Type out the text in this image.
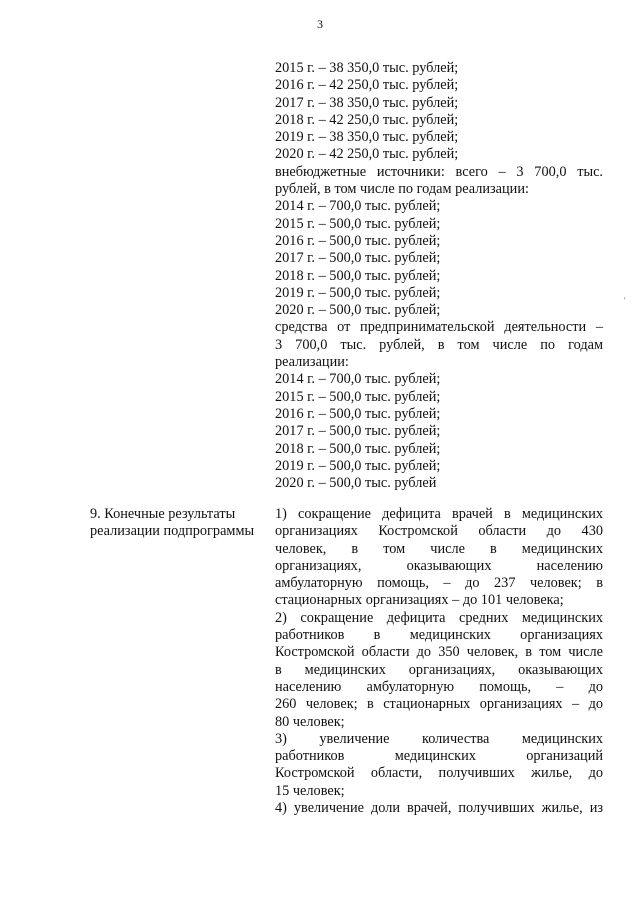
3
2015 г. – 38 350,0 тыс. рублей;
2016 г. – 42 250,0 тыс. рублей;
2017 г. – 38 350,0 тыс. рублей;
2018 г. – 42 250,0 тыс. рублей;
2019 г. – 38 350,0 тыс. рублей;
2020 г. – 42 250,0 тыс. рублей;
внебюджетные источники: всего – 3 700,0 тыс.
рублей, в том числе по годам реализации:
2014 г. – 700,0 тыс. рублей;
2015 г. – 500,0 тыс. рублей;
2016 г. – 500,0 тыс. рублей;
2017 г. – 500,0 тыс. рублей;
2018 г. – 500,0 тыс. рублей;
2019 г. – 500,0 тыс. рублей;
2020 г. – 500,0 тыс. рублей;
средства от предпринимательской деятельности –
3 700,0 тыс. рублей, в том числе по годам
реализации:
2014 г. – 700,0 тыс. рублей;
2015 г. – 500,0 тыс. рублей;
2016 г. – 500,0 тыс. рублей;
2017 г. – 500,0 тыс. рублей;
2018 г. – 500,0 тыс. рублей;
2019 г. – 500,0 тыс. рублей;
2020 г. – 500,0 тыс. рублей
9. Конечные результаты
реализации подпрограммы
1) сокращение дефицита врачей в медицинских
организациях Костромской области до 430
человек, в том числе в медицинских
организациях, оказывающих населению
амбулаторную помощь, – до 237 человек; в
стационарных организациях – до 101 человека;
2) сокращение дефицита средних медицинских
работников в медицинских организациях
Костромской области до 350 человек, в том числе
в медицинских организациях, оказывающих
населению амбулаторную помощь, – до
260 человек; в стационарных организациях – до
80 человек;
3) увеличение количества медицинских
работников медицинских организаций
Костромской области, получивших жилье, до
15 человек;
4) увеличение доли врачей, получивших жилье, из
'
